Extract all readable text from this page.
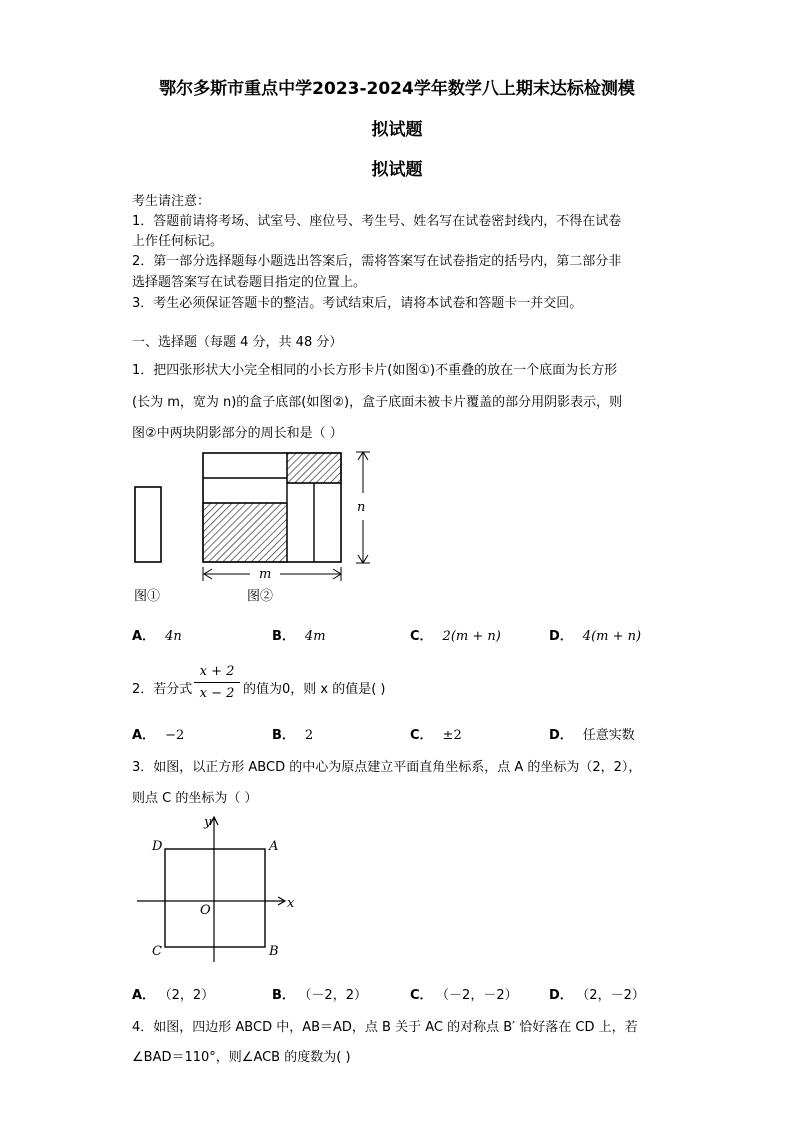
鄂尔多斯市重点中学2023-2024学年数学八上期末达标检测模
拟试题
拟试题
考生请注意：
1．答题前请将考场、试室号、座位号、考生号、姓名写在试卷密封线内，不得在试卷
上作任何标记。
2．第一部分选择题每小题选出答案后，需将答案写在试卷指定的括号内，第二部分非
选择题答案写在试卷题目指定的位置上。
3．考生必须保证答题卡的整洁。考试结束后，请将本试卷和答题卡一并交回。
一、选择题（每题 4 分，共 48 分）
1．把四张形状大小完全相同的小长方形卡片(如图①)不重叠的放在一个底面为长方形
(长为 m，宽为 n)的盒子底部(如图②)，盒子底面未被卡片覆盖的部分用阴影表示，则
图②中两块阴影部分的周长和是（ ）
n
m
图①	图②
A． 4n	B． 4m	C． 2(m + n)	D． 4(m + n)
2．若分式
x + 2
x − 2 的值为0，则 x 的值是( )
A． −2	B． 2	C． ±2	D． 任意实数
3．如图，以正方形 ABCD 的中心为原点建立平面直角坐标系，点 A 的坐标为（2，2），
则点 C 的坐标为（ ）
D	A
C	B
O	x
y
A． （2，2）	B． （－2，2）	C． （－2，－2） D． （2，－2）
4．如图，四边形 ABCD 中，AB＝AD，点 B 关于 AC 的对称点 B′ 恰好落在 CD 上，若
∠BAD＝110°，则∠ACB 的度数为( )
